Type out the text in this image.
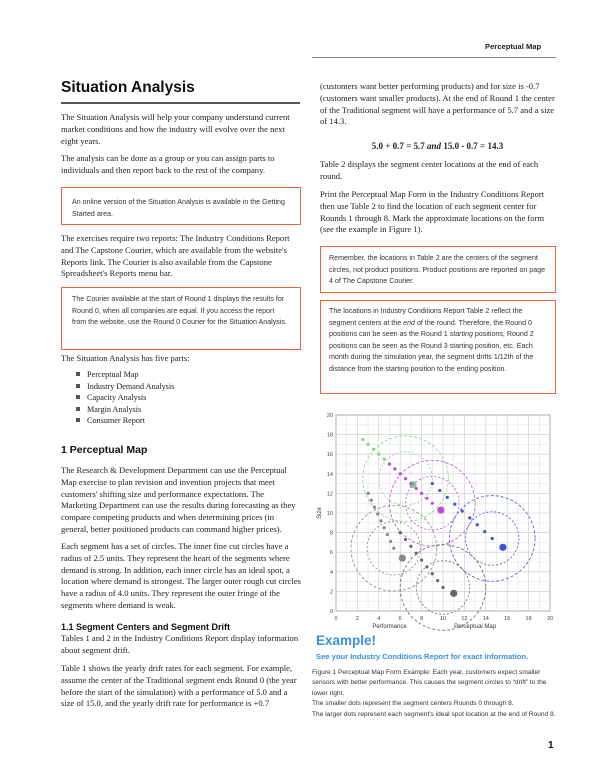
Perceptual Map
Situation Analysis

The Situation Analysis will help your company understand current market conditions and how the industry will evolve over the next eight years.

The analysis can be done as a group or you can assign parts to individuals and then report back to the rest of the company.

An online version of the Situation Analysis is available in the Getting Started area.

The exercises require two reports: The Industry Conditions Report and The Capstone Courier, which are available from the website's Reports link. The Courier is also available from the Capstone Spreadsheet's Reports menu bar.

The Courier available at the start of Round 1 displays the results for Round 0, when all companies are equal. If you access the report from the website, use the Round 0 Courier for the Situation Analysis.

The Situation Analysis has five parts:

Perceptual Map
Industry Demand Analysis
Capacity Analysis
Margin Analysis
Consumer Report
1 Perceptual Map

The Research & Development Department can use the Perceptual Map exercise to plan revision and invention projects that meet customers' shifting size and performance expectations. The Marketing Department can use the results during forecasting as they compare competing products and when determining prices (in general, better positioned products can command higher prices).

Each segment has a set of circles. The inner fine cut circles have a radius of 2.5 units. They represent the heart of the segments where demand is strong. In addition, each inner circle has an ideal spot, a location where demand is strongest. The larger outer rough cut circles have a radius of 4.0 units. They represent the outer fringe of the segments where demand is weak.

1.1 Segment Centers and Segment Drift

Tables 1 and 2 in the Industry Conditions Report display information about segment drift.

Table 1 shows the yearly drift rates for each segment. For example, assume the center of the Traditional segment ends Round 0 (the year before the start of the simulation) with a performance of 5.0 and a size of 15.0, and the yearly drift rate for performance is +0.7

(customers want better performing products) and for size is -0.7 (customers want smaller products). At the end of Round 1 the center of the Traditional segment will have a performance of 5.7 and a size of 14.3.

5.0 + 0.7 = 5.7 and 15.0 - 0.7 = 14.3

Table 2 displays the segment center locations at the end of each round.

Print the Perceptual Map Form in the Industry Conditions Report then use Table 2 to find the location of each segment center for Rounds 1 through 8. Mark the approximate locations on the form (see the example in Figure 1).

Remember, the locations in Table 2 are the centers of the segment circles, not product positions. Product positions are reported on page 4 of The Capstone Courier.
The locations in Industry Conditions Report Table 2 reflect the segment centers at the end of the round. Therefore, the Round 0 positions can be seen as the Round 1 starting positions, Round 2 positions can be seen as the Round 3 starting position, etc. Each month during the simulation year, the segment drifts 1/12th of the distance from the starting position to the ending position.
0	2	4	6	8	10	12	14	16	18	20
0
2
4
6
8
10
12
14
16
18
20
Size
Performance	Perceptual Map
Example!
See your Industry Conditions Report for exact information.

Figure 1 Perceptual Map Form Example: Each year, customers expect smaller sensors with better performance. This causes the segment circles to “drift” to the lower right.

The smaller dots represent the segment centers Rounds 0 through 8.

The larger dots represent each segment's ideal spot location at the end of Round 8.

1
